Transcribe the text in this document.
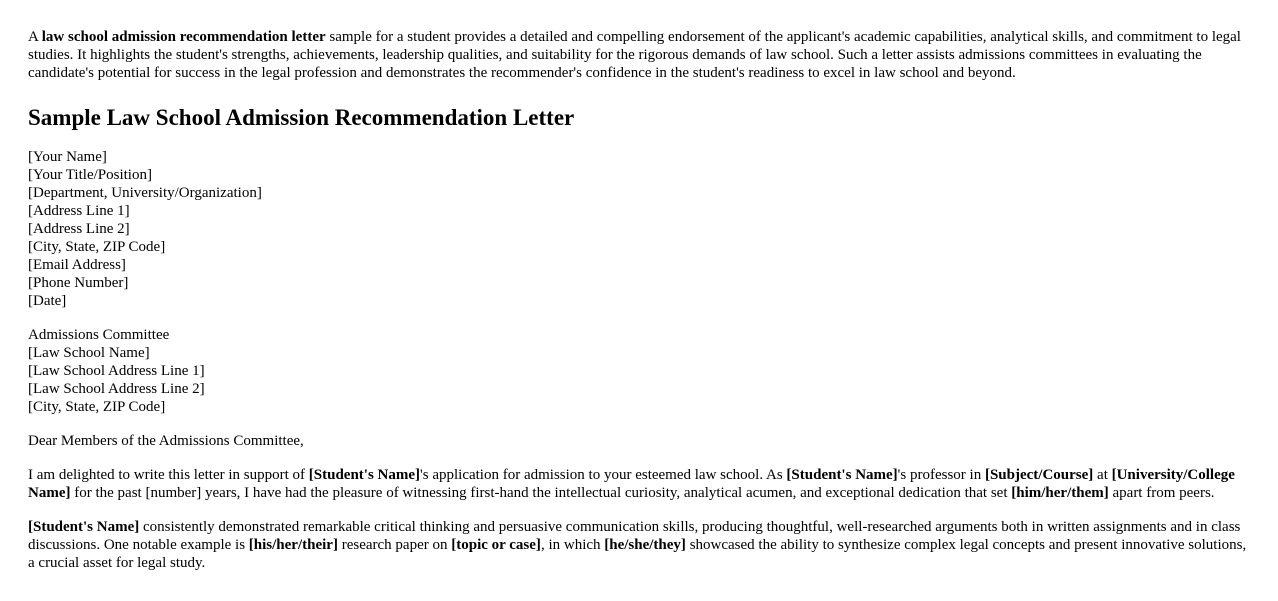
A law school admission recommendation letter sample for a student provides a detailed and compelling endorsement of the applicant's academic capabilities, analytical skills, and commitment to legal studies. It highlights the student's strengths, achievements, leadership qualities, and suitability for the rigorous demands of law school. Such a letter assists admissions committees in evaluating the candidate's potential for success in the legal profession and demonstrates the recommender's confidence in the student's readiness to excel in law school and beyond.

Sample Law School Admission Recommendation Letter
[Your Name]
[Your Title/Position]
[Department, University/Organization]
[Address Line 1]
[Address Line 2]
[City, State, ZIP Code]
[Email Address]
[Phone Number]
[Date]
Admissions Committee
[Law School Name]
[Law School Address Line 1]
[Law School Address Line 2]
[City, State, ZIP Code]

Dear Members of the Admissions Committee,

I am delighted to write this letter in support of [Student's Name]'s application for admission to your esteemed law school. As [Student's Name]'s professor in [Subject/Course] at [University/College Name] for the past [number] years, I have had the pleasure of witnessing first-hand the intellectual curiosity, analytical acumen, and exceptional dedication that set [him/her/them] apart from peers.

[Student's Name] consistently demonstrated remarkable critical thinking and persuasive communication skills, producing thoughtful, well-researched arguments both in written assignments and in class discussions. One notable example is [his/her/their] research paper on [topic or case], in which [he/she/they] showcased the ability to synthesize complex legal concepts and present innovative solutions, a crucial asset for legal study.
